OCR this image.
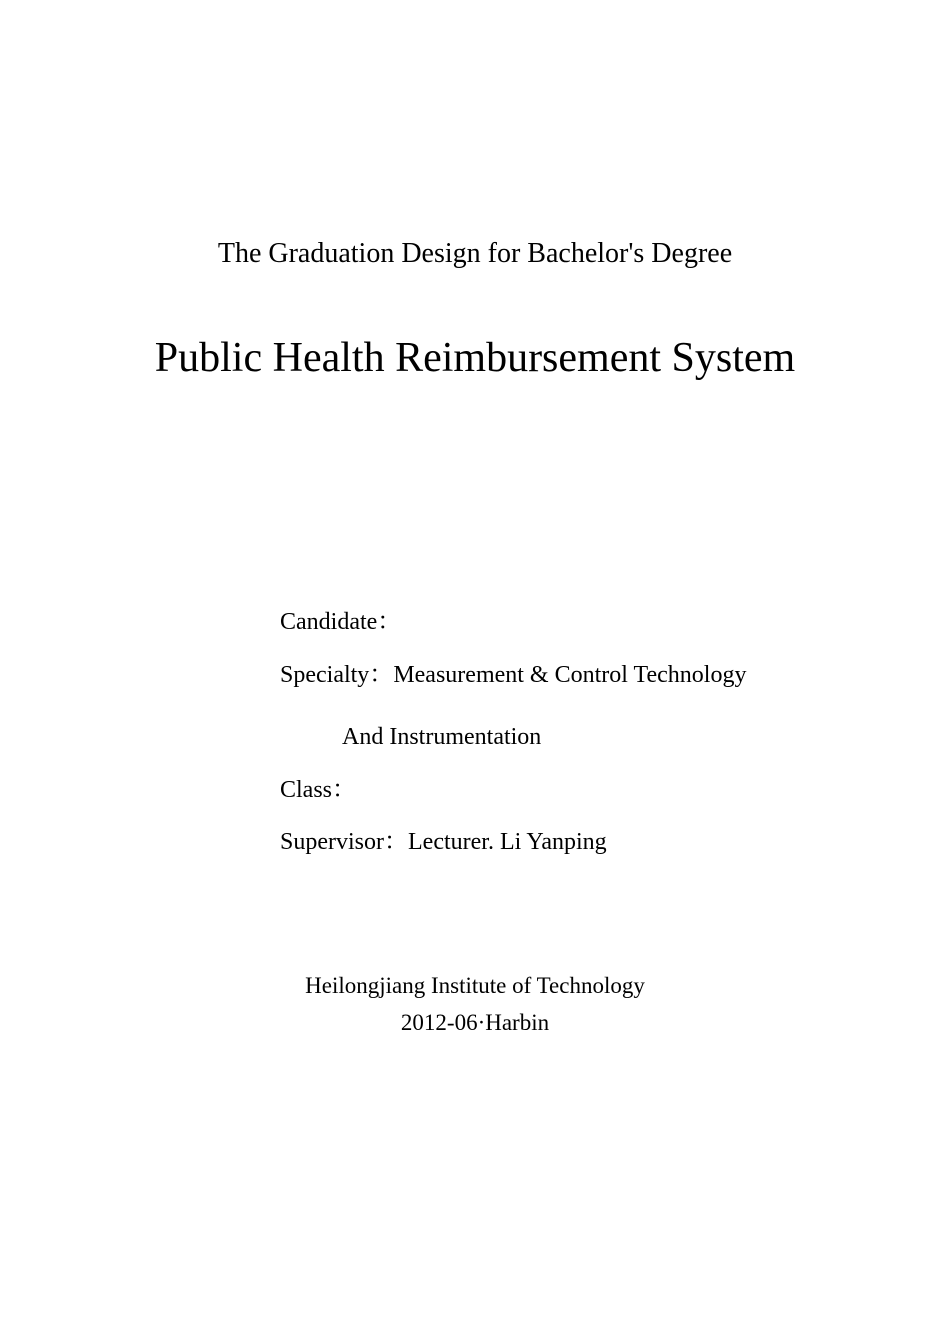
The Graduation Design for Bachelor's Degree
Public Health Reimbursement System
Candidate：
Specialty：Measurement & Control Technology
And Instrumentation
Class：
Supervisor：Lecturer. Li Yanping
Heilongjiang Institute of Technology
2012-06·Harbin
